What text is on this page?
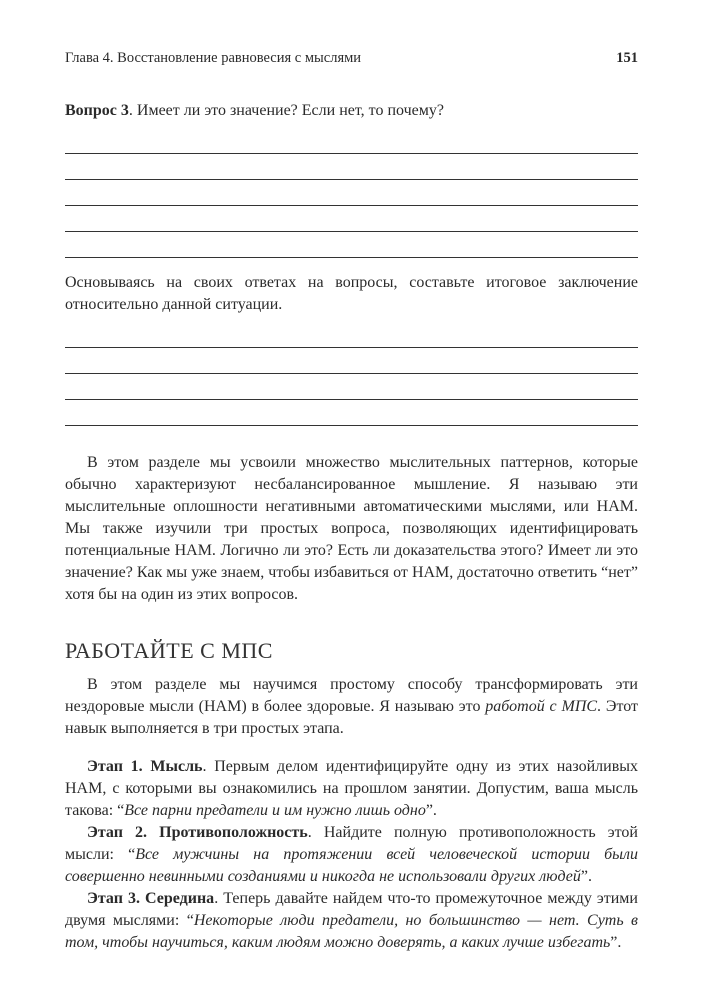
Глава 4. Восстановление равновесия с мыслями	151

Вопрос 3. Имеет ли это значение? Если нет, то почему?

Основываясь на своих ответах на вопросы, составьте итоговое заключение относительно данной ситуации.

В этом разделе мы усвоили множество мыслительных паттернов, которые обычно характеризуют несбалансированное мышление. Я называю эти мыслительные оплошности негативными автоматическими мыслями, или НАМ. Мы также изучили три простых вопроса, позволяющих идентифицировать потенциальные НАМ. Логично ли это? Есть ли доказательства этого? Имеет ли это значение? Как мы уже знаем, чтобы избавиться от НАМ, достаточно ответить “нет” хотя бы на один из этих вопросов.

РАБОТАЙТЕ С МПС

В этом разделе мы научимся простому способу трансформировать эти нездоровые мысли (НАМ) в более здоровые. Я называю это работой с МПС. Этот навык выполняется в три простых этапа.

Этап 1. Мысль. Первым делом идентифицируйте одну из этих назойливых НАМ, с которыми вы ознакомились на прошлом занятии. Допустим, ваша мысль такова: “Все парни предатели и им нужно лишь одно”.

Этап 2. Противоположность. Найдите полную противоположность этой мысли: “Все мужчины на протяжении всей человеческой истории были совершенно невинными созданиями и никогда не использовали других людей”.

Этап 3. Середина. Теперь давайте найдем что-то промежуточное между этими двумя мыслями: “Некоторые люди предатели, но большинство — нет. Суть в том, чтобы научиться, каким людям можно доверять, а каких лучше избегать”.
